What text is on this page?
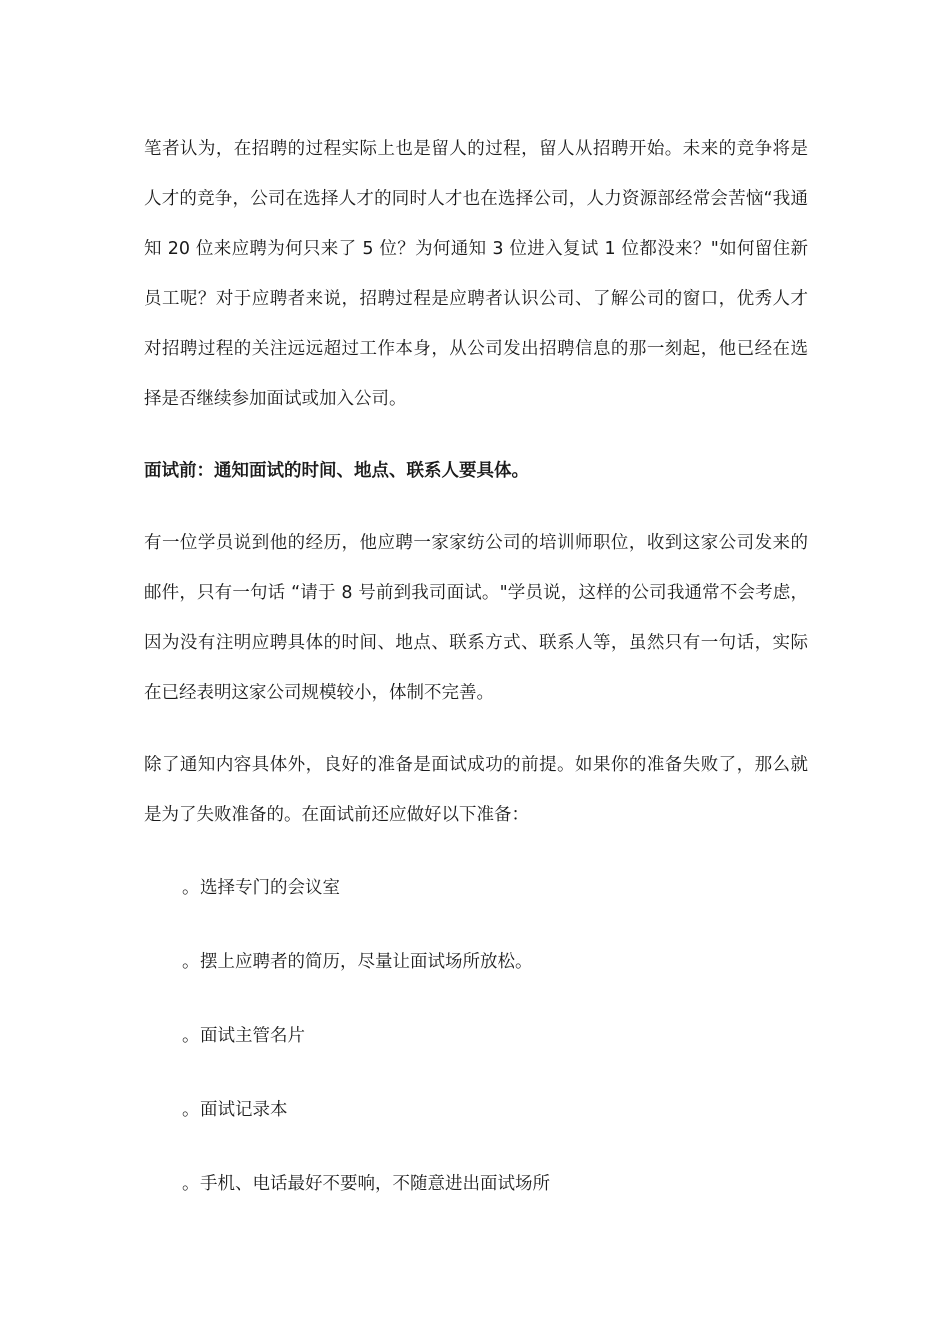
笔者认为，在招聘的过程实际上也是留人的过程，留人从招聘开始。未来的竞争将是人才的竞争，公司在选择人才的同时人才也在选择公司，人力资源部经常会苦恼“我通知 20 位来应聘为何只来了 5 位？为何通知 3 位进入复试 1 位都没来？"如何留住新员工呢？对于应聘者来说，招聘过程是应聘者认识公司、了解公司的窗口，优秀人才对招聘过程的关注远远超过工作本身，从公司发出招聘信息的那一刻起，他已经在选择是否继续参加面试或加入公司。

面试前：通知面试的时间、地点、联系人要具体。

有一位学员说到他的经历，他应聘一家家纺公司的培训师职位，收到这家公司发来的邮件，只有一句话 “请于 8 号前到我司面试。"学员说，这样的公司我通常不会考虑，因为没有注明应聘具体的时间、地点、联系方式、联系人等，虽然只有一句话，实际在已经表明这家公司规模较小，体制不完善。

除了通知内容具体外，良好的准备是面试成功的前提。如果你的准备失败了，那么就是为了失败准备的。在面试前还应做好以下准备：

。选择专门的会议室
。摆上应聘者的简历，尽量让面试场所放松。
。面试主管名片
。面试记录本
。手机、电话最好不要响，不随意进出面试场所
